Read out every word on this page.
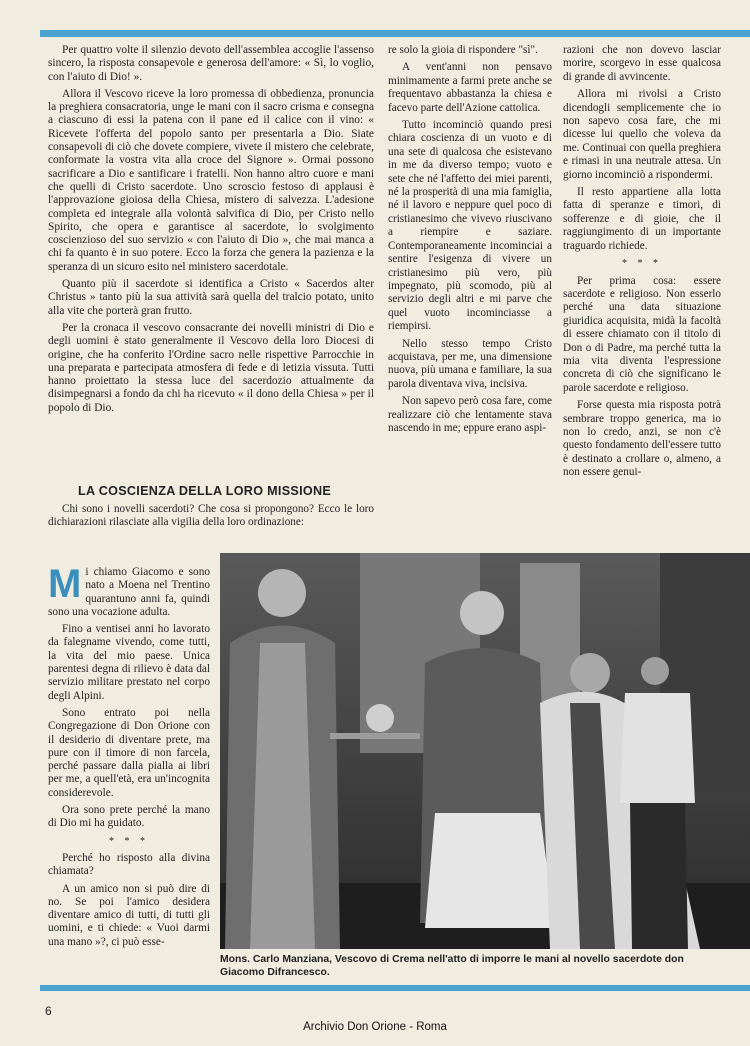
Per quattro volte il silenzio devoto dell'assemblea accoglie l'assenso sincero, la risposta consapevole e generosa dell'amore: « Sì, lo voglio, con l'aiuto di Dio! ».

Allora il Vescovo riceve la loro promessa di obbedienza, pronuncia la preghiera consacratoria, unge le mani con il sacro crisma e consegna a ciascuno di essi la patena con il pane ed il calice con il vino: « Ricevete l'offerta del popolo santo per presentarla a Dio. Siate consapevoli di ciò che dovete compiere, vivete il mistero che celebrate, conformate la vostra vita alla croce del Signore ». Ormai possono sacrificare a Dio e santificare i fratelli. Non hanno altro cuore e mani che quelli di Cristo sacerdote. Uno scroscio festoso di applausi è l'approvazione gioiosa della Chiesa, mistero di salvezza. L'adesione completa ed integrale alla volontà salvifica di Dio, per Cristo nello Spirito, che opera e garantisce al sacerdote, lo svolgimento coscienzioso del suo servizio « con l'aiuto di Dio », che mai manca a chi fa quanto è in suo potere. Ecco la forza che genera la pazienza e la speranza di un sicuro esito nel ministero sacerdotale.

Quanto più il sacerdote si identifica a Cristo « Sacerdos alter Christus » tanto più la sua attività sarà quella del tralcio potato, unito alla vite che porterà gran frutto.

Per la cronaca il vescovo consacrante dei novelli ministri di Dio e degli uomini è stato generalmente il Vescovo della loro Diocesi di origine, che ha conferito l'Ordine sacro nelle rispettive Parrocchie in una preparata e partecipata atmosfera di fede e di letizia vissuta. Tutti hanno proiettato la stessa luce del sacerdozio attualmente da disimpegnarsi a fondo da chi ha ricevuto « il dono della Chiesa » per il popolo di Dio.

LA COSCIENZA DELLA LORO MISSIONE

Chi sono i novelli sacerdoti? Che cosa si propongono? Ecco le loro dichiarazioni rilasciate alla vigilia della loro ordinazione:

re solo la gioia di rispondere "sì".

A vent'anni non pensavo minimamente a farmi prete anche se frequentavo abbastanza la chiesa e facevo parte dell'Azione cattolica.

Tutto incominciò quando presi chiara coscienza di un vuoto e di una sete di qualcosa che esistevano in me da diverso tempo; vuoto e sete che né l'affetto dei miei parenti, né la prosperità di una mia famiglia, né il lavoro e neppure quel poco di cristianesimo che vivevo riuscivano a riempire e saziare. Contemporaneamente incominciai a sentire l'esigenza di vivere un cristianesimo più vero, più impegnato, più scomodo, più al servizio degli altri e mi parve che quel vuoto incominciasse a riempirsi.

Nello stesso tempo Cristo acquistava, per me, una dimensione nuova, più umana e familiare, la sua parola diventava viva, incisiva.

Non sapevo però cosa fare, come realizzare ciò che lentamente stava nascendo in me; eppure erano aspi-

razioni che non dovevo lasciar morire, scorgevo in esse qualcosa di grande di avvincente.

Allora mi rivolsi a Cristo dicendogli semplicemente che io non sapevo cosa fare, che mi dicesse lui quello che voleva da me. Continuai con quella preghiera e rimasi in una neutrale attesa. Un giorno incominciò a rispondermi.

Il resto appartiene alla lotta fatta di speranze e timori, di sofferenze e di gioie, che il raggiungimento di un importante traguardo richiede.

* * *

Per prima cosa: essere sacerdote e religioso. Non esserlo perché una data situazione giuridica acquisita, midà la facoltà di essere chiamato con il titolo di Don o di Padre, ma perché tutta la mia vita diventa l'espressione concreta di ciò che significano le parole sacerdote e religioso.

Forse questa mia risposta potrà sembrare troppo generica, ma io non lo credo, anzi, se non c'è questo fondamento dell'essere tutto è destinato a crollare o, almeno, a non essere genui-

Mi chiamo Giacomo e sono nato a Moena nel Trentino quarantuno anni fa, quindi sono una vocazione adulta.

Fino a ventisei anni ho lavorato da falegname vivendo, come tutti, la vita del mio paese. Unica parentesi degna di rilievo è data dal servizio militare prestato nel corpo degli Alpini.

Sono entrato poi nella Congregazione di Don Orione con il desiderio di diventare prete, ma pure con il timore di non farcela, perché passare dalla pialla ai libri per me, a quell'età, era un'incognita considerevole.

Ora sono prete perché la mano di Dio mi ha guidato.

* * *

Perché ho risposto alla divina chiamata?

A un amico non si può dire di no. Se poi l'amico desidera diventare amico di tutti, di tutti gli uomini, e ti chiede: « Vuoi darmi una mano »?, ci può esse-

Mons. Carlo Manziana, Vescovo di Crema nell'atto di imporre le mani al novello sacerdote don Giacomo Difrancesco.
6
Archivio Don Orione - Roma
